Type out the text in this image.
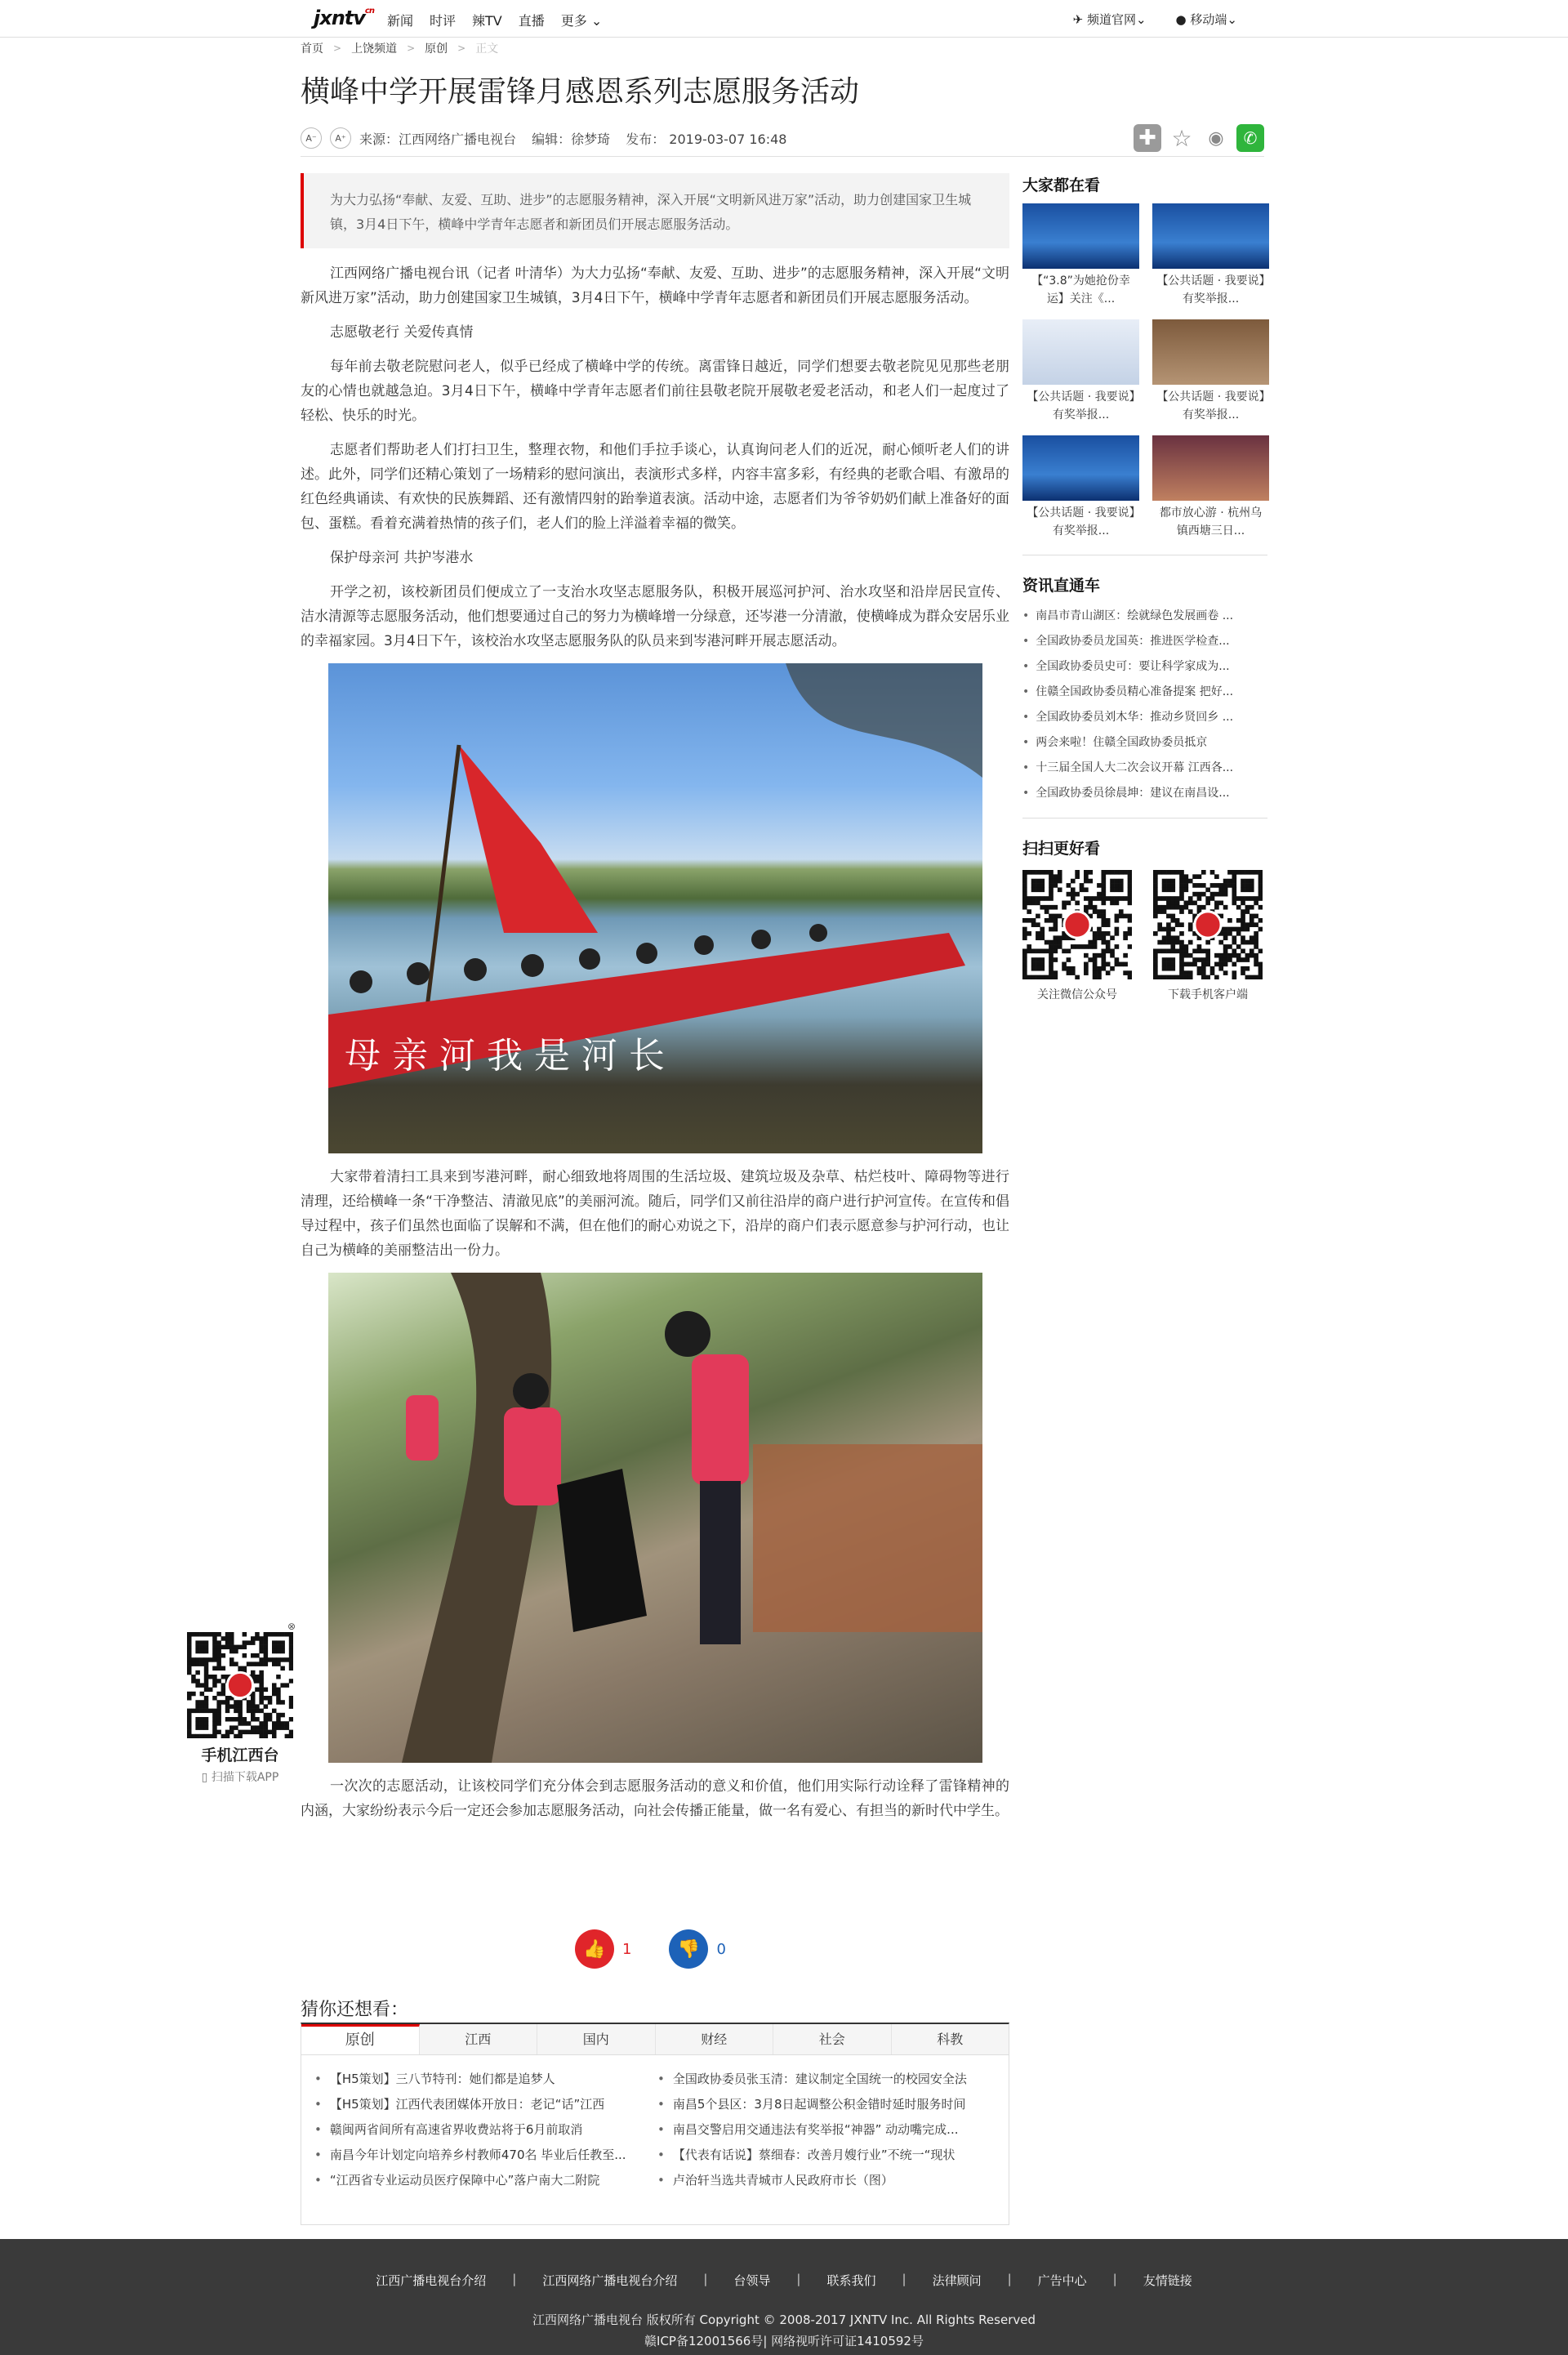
jxntv$^{cn}$
新闻 时评 辣TV 直播 更多 ⌄	✈ 频道官网⌄ ● 移动端⌄
首页 > 上饶频道 > 原创 > 正文
横峰中学开展雷锋月感恩系列志愿服务活动
A⁻	A⁺	来源：江西网络广播电视台 编辑：徐梦琦 发布： 2019-03-07 16:48	✚ ☆ ◉	✆
为大力弘扬“奉献、友爱、互助、进步”的志愿服务精神，深入开展“文明新风进万家”活动，助力创建国家卫生城镇，3月4日下午，横峰中学青年志愿者和新团员们开展志愿服务活动。

江西网络广播电视台讯（记者 叶清华）为大力弘扬“奉献、友爱、互助、进步”的志愿服务精神，深入开展“文明新风进万家”活动，助力创建国家卫生城镇，3月4日下午，横峰中学青年志愿者和新团员们开展志愿服务活动。

志愿敬老行 关爱传真情

每年前去敬老院慰问老人，似乎已经成了横峰中学的传统。离雷锋日越近，同学们想要去敬老院见见那些老朋友的心情也就越急迫。3月4日下午，横峰中学青年志愿者们前往县敬老院开展敬老爱老活动，和老人们一起度过了轻松、快乐的时光。

志愿者们帮助老人们打扫卫生，整理衣物，和他们手拉手谈心，认真询问老人们的近况，耐心倾听老人们的讲述。此外，同学们还精心策划了一场精彩的慰问演出，表演形式多样，内容丰富多彩，有经典的老歌合唱、有激昂的红色经典诵读、有欢快的民族舞蹈、还有激情四射的跆拳道表演。活动中途，志愿者们为爷爷奶奶们献上准备好的面包、蛋糕。看着充满着热情的孩子们，老人们的脸上洋溢着幸福的微笑。

保护母亲河 共护岑港水

开学之初，该校新团员们便成立了一支治水攻坚志愿服务队，积极开展巡河护河、治水攻坚和沿岸居民宣传、洁水清源等志愿服务活动，他们想要通过自己的努力为横峰增一分绿意，还岑港一分清澈，使横峰成为群众安居乐业的幸福家园。3月4日下午，该校治水攻坚志愿服务队的队员来到岑港河畔开展志愿活动。

母 亲 河 我 是 河 长

大家带着清扫工具来到岑港河畔，耐心细致地将周围的生活垃圾、建筑垃圾及杂草、枯烂枝叶、障碍物等进行清理，还给横峰一条“干净整洁、清澈见底”的美丽河流。随后，同学们又前往沿岸的商户进行护河宣传。在宣传和倡导过程中，孩子们虽然也面临了误解和不满，但在他们的耐心劝说之下，沿岸的商户们表示愿意参与护河行动，也让自己为横峰的美丽整洁出一份力。

一次次的志愿活动，让该校同学们充分体会到志愿服务活动的意义和价值，他们用实际行动诠释了雷锋精神的内涵，大家纷纷表示今后一定还会参加志愿服务活动，向社会传播正能量，做一名有爱心、有担当的新时代中学生。

👍 1	👎 0
猜你还想看：
原创	江西	国内	财经	社会	科教
• 【H5策划】三八节特刊：她们都是追梦人
• 【H5策划】江西代表团媒体开放日：老记“话”江西
• 赣闽两省间所有高速省界收费站将于6月前取消
• 南昌今年计划定向培养乡村教师470名 毕业后任教至...
• “江西省专业运动员医疗保障中心”落户南大二附院
• 全国政协委员张玉清：建议制定全国统一的校园安全法
• 南昌5个县区：3月8日起调整公积金错时延时服务时间
• 南昌交警启用交通违法有奖举报“神器” 动动嘴完成...
• 【代表有话说】蔡细春：改善月嫂行业”不统一“现状
• 卢治轩当选共青城市人民政府市长（图）
大家都在看
【“3.8”为她抢份幸运】关注《...
【公共话题 · 我要说】有奖举报...
【公共话题 · 我要说】有奖举报...
【公共话题 · 我要说】有奖举报...
【公共话题 · 我要说】有奖举报...
都市放心游 · 杭州乌镇西塘三日...
资讯直通车
• 南昌市青山湖区：绘就绿色发展画卷 ...
• 全国政协委员龙国英：推进医学检查...
• 全国政协委员史可：要让科学家成为...
• 住赣全国政协委员精心准备提案 把好...
• 全国政协委员刘木华：推动乡贤回乡 ...
• 两会来啦！住赣全国政协委员抵京
• 十三届全国人大二次会议开幕 江西各...
• 全国政协委员徐晨坤：建议在南昌设...
扫扫更好看
关注微信公众号	下载手机客户端
⊗
手机江西台
▯ 扫描下载APP
江西广播电视台介绍 | 江西网络广播电视台介绍 | 台领导 | 联系我们 | 法律顾问 | 广告中心 | 友情链接
江西网络广播电视台 版权所有 Copyright © 2008-2017 JXNTV Inc. All Rights Reserved
赣ICP备12001566号| 网络视听许可证1410592号
